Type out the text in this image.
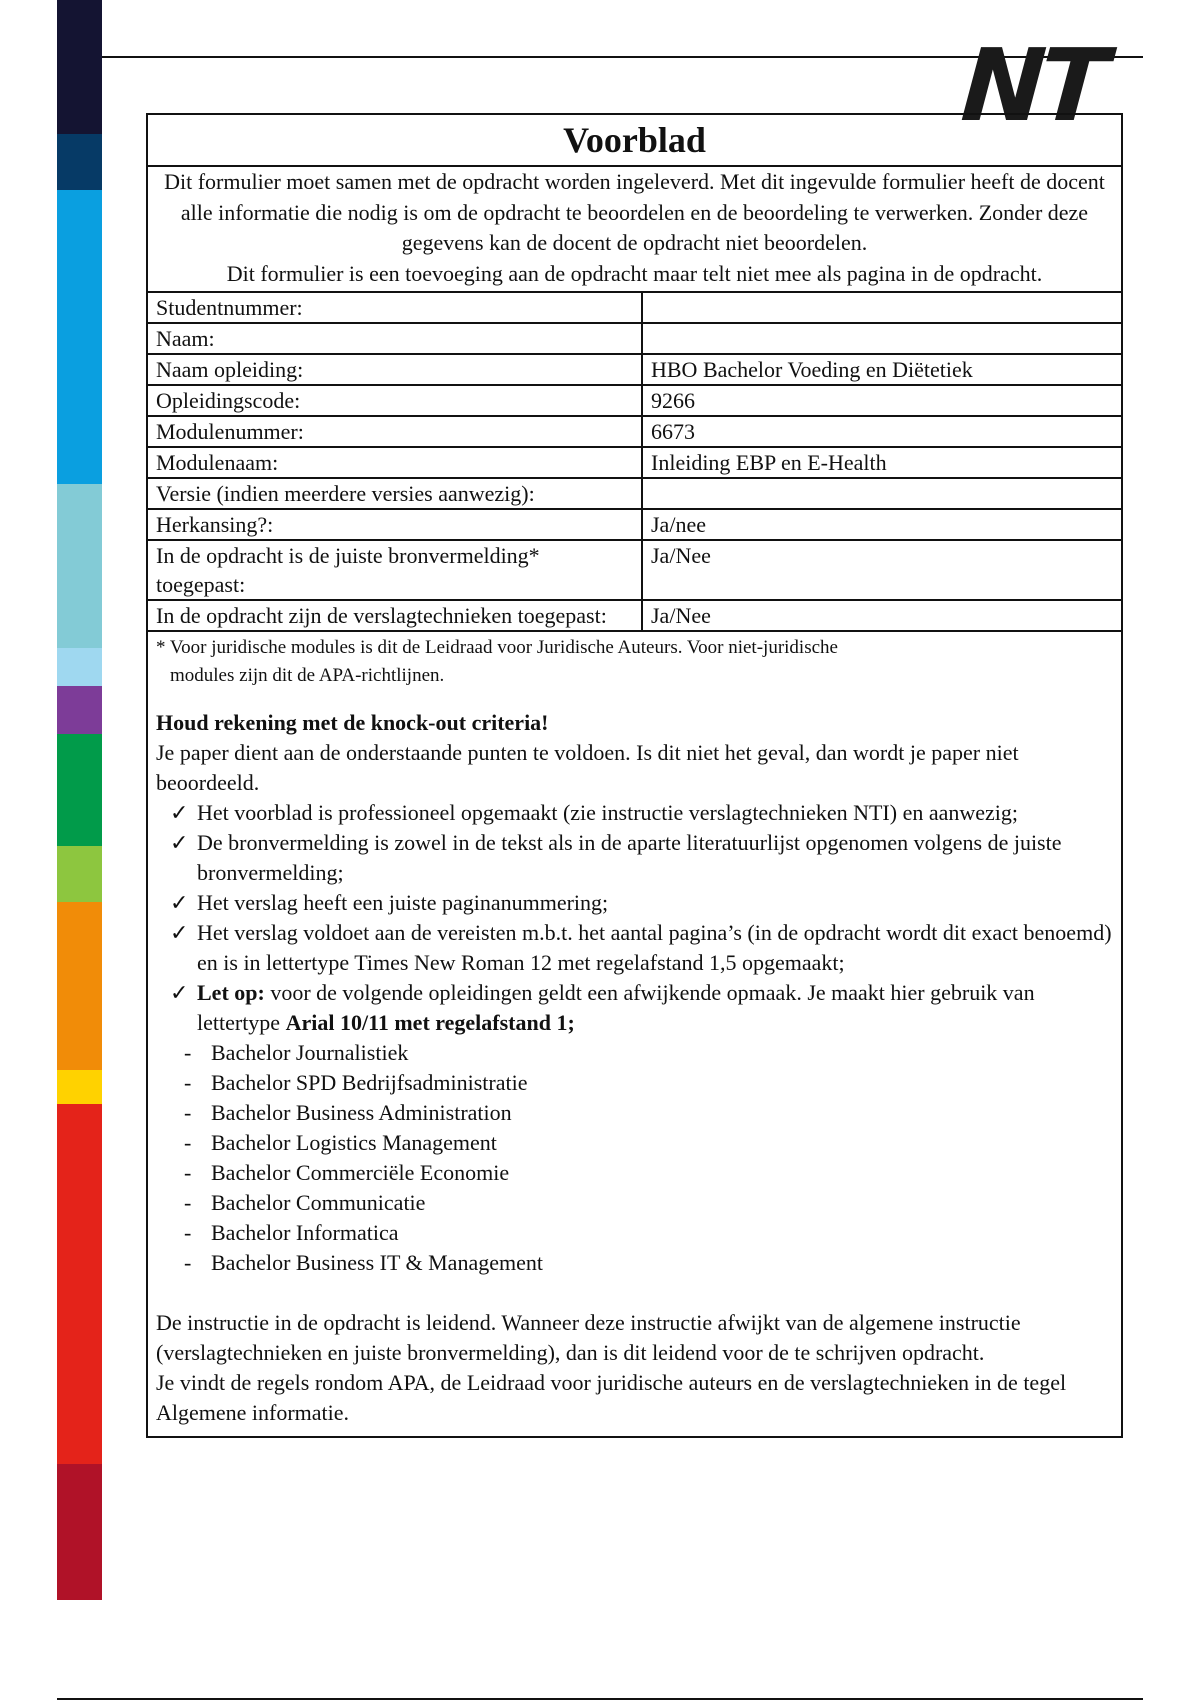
NT
Voorblad

Dit formulier moet samen met de opdracht worden ingeleverd. Met dit ingevulde formulier heeft de docent alle informatie die nodig is om de opdracht te beoordelen en de beoordeling te verwerken. Zonder deze gegevens kan de docent de opdracht niet beoordelen.

Dit formulier is een toevoeging aan de opdracht maar telt niet mee als pagina in de opdracht.

Studentnummer:	
Naam:	
Naam opleiding:	HBO Bachelor Voeding en Diëtetiek
Opleidingscode:	9266
Modulenummer:	6673
Modulenaam:	Inleiding EBP en E-Health
Versie (indien meerdere versies aanwezig):	
Herkansing?:	Ja/nee
In de opdracht is de juiste bronvermelding* toegepast:	Ja/Nee
In de opdracht zijn de verslagtechnieken toegepast:	Ja/Nee
* Voor juridische modules is dit de Leidraad voor Juridische Auteurs. Voor niet-juridische
modules zijn dit de APA-richtlijnen.
Houd rekening met de knock-out criteria!

Je paper dient aan de onderstaande punten te voldoen. Is dit niet het geval, dan wordt je paper niet beoordeeld.

✓ Het voorblad is professioneel opgemaakt (zie instructie verslagtechnieken NTI) en aanwezig;
✓ De bronvermelding is zowel in de tekst als in de aparte literatuurlijst opgenomen volgens de juiste bronvermelding;
✓ Het verslag heeft een juiste paginanummering;
✓ Het verslag voldoet aan de vereisten m.b.t. het aantal pagina’s (in de opdracht wordt dit exact benoemd) en is in lettertype Times New Roman 12 met regelafstand 1,5 opgemaakt;
✓ Let op: voor de volgende opleidingen geldt een afwijkende opmaak. Je maakt hier gebruik van lettertype Arial 10/11 met regelafstand 1;
- Bachelor Journalistiek
- Bachelor SPD Bedrijfsadministratie
- Bachelor Business Administration
- Bachelor Logistics Management
- Bachelor Commerciële Economie
- Bachelor Communicatie
- Bachelor Informatica
- Bachelor Business IT & Management

De instructie in de opdracht is leidend. Wanneer deze instructie afwijkt van de algemene instructie (verslagtechnieken en juiste bronvermelding), dan is dit leidend voor de te schrijven opdracht.

Je vindt de regels rondom APA, de Leidraad voor juridische auteurs en de verslagtechnieken in de tegel Algemene informatie.
